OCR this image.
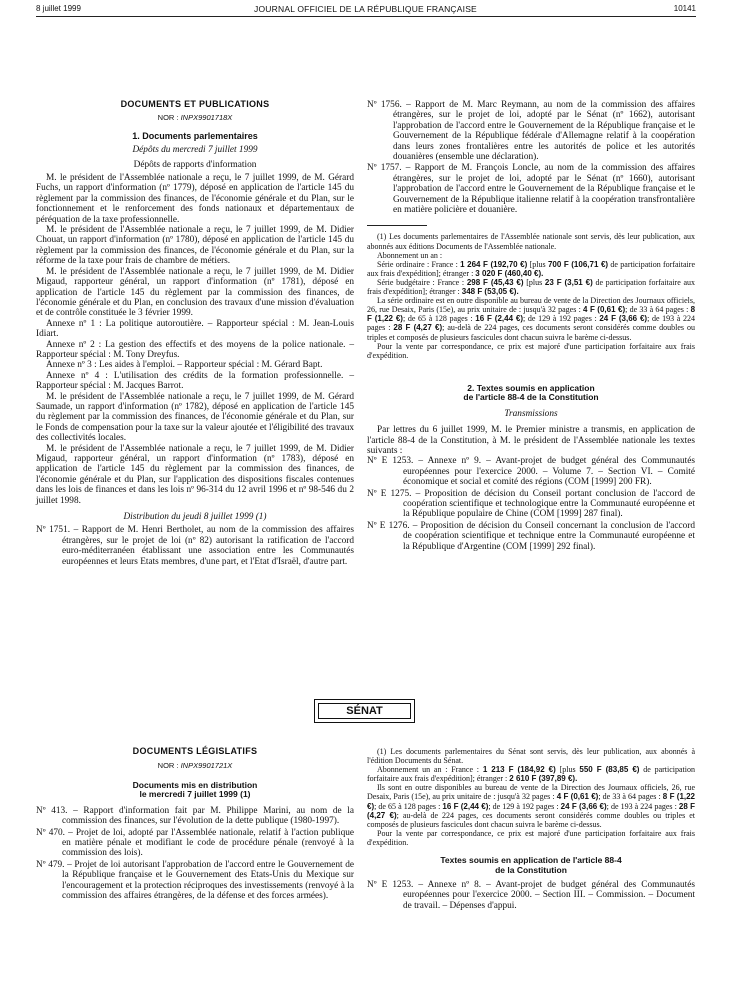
8 juillet 1999	JOURNAL OFFICIEL DE LA RÉPUBLIQUE FRANÇAISE	10141
DOCUMENTS ET PUBLICATIONS
NOR : INPX9901718X
1. Documents parlementaires
Dépôts du mercredi 7 juillet 1999
Dépôts de rapports d'information

M. le président de l'Assemblée nationale a reçu, le 7 juillet 1999, de M. Gérard Fuchs, un rapport d'information (nº 1779), déposé en application de l'article 145 du règlement par la commission des finances, de l'économie générale et du Plan, sur le fonctionnement et le renforcement des fonds nationaux et départementaux de péréquation de la taxe professionnelle.

M. le président de l'Assemblée nationale a reçu, le 7 juillet 1999, de M. Didier Chouat, un rapport d'information (nº 1780), déposé en application de l'article 145 du règlement par la commission des finances, de l'économie générale et du Plan, sur la réforme de la taxe pour frais de chambre de métiers.

M. le président de l'Assemblée nationale a reçu, le 7 juillet 1999, de M. Didier Migaud, rapporteur général, un rapport d'information (nº 1781), déposé en application de l'article 145 du règlement par la commission des finances, de l'économie générale et du Plan, en conclusion des travaux d'une mission d'évaluation et de contrôle constituée le 3 février 1999.

Annexe nº 1 : La politique autoroutière. – Rapporteur spécial : M. Jean-Louis Idiart.

Annexe nº 2 : La gestion des effectifs et des moyens de la police nationale. – Rapporteur spécial : M. Tony Dreyfus.

Annexe nº 3 : Les aides à l'emploi. – Rapporteur spécial : M. Gérard Bapt.

Annexe nº 4 : L'utilisation des crédits de la formation professionnelle. – Rapporteur spécial : M. Jacques Barrot.

M. le président de l'Assemblée nationale a reçu, le 7 juillet 1999, de M. Gérard Saumade, un rapport d'information (nº 1782), déposé en application de l'article 145 du règlement par la commission des finances, de l'économie générale et du Plan, sur le Fonds de compensation pour la taxe sur la valeur ajoutée et l'éligibilité des travaux des collectivités locales.

M. le président de l'Assemblée nationale a reçu, le 7 juillet 1999, de M. Didier Migaud, rapporteur général, un rapport d'information (nº 1783), déposé en application de l'article 145 du règlement par la commission des finances, de l'économie générale et du Plan, sur l'application des dispositions fiscales contenues dans les lois de finances et dans les lois nº 96-314 du 12 avril 1996 et nº 98-546 du 2 juillet 1998.

Distribution du jeudi 8 juillet 1999 (1)
Nº 1751. – Rapport de M. Henri Bertholet, au nom de la commission des affaires étrangères, sur le projet de loi (nº 82) autorisant la ratification de l'accord euro-méditerranéen établissant une association entre les Communautés européennes et leurs Etats membres, d'une part, et l'Etat d'Israël, d'autre part.
Nº 1756. – Rapport de M. Marc Reymann, au nom de la commission des affaires étrangères, sur le projet de loi, adopté par le Sénat (nº 1662), autorisant l'approbation de l'accord entre le Gouvernement de la République française et le Gouvernement de la République fédérale d'Allemagne relatif à la coopération dans leurs zones frontalières entre les autorités de police et les autorités douanières (ensemble une déclaration).
Nº 1757. – Rapport de M. François Loncle, au nom de la commission des affaires étrangères, sur le projet de loi, adopté par le Sénat (nº 1660), autorisant l'approbation de l'accord entre le Gouvernement de la République française et le Gouvernement de la République italienne relatif à la coopération transfrontalière en matière policière et douanière.

(1) Les documents parlementaires de l'Assemblée nationale sont servis, dès leur publication, aux abonnés aux éditions Documents de l'Assemblée nationale.

Abonnement un an :

Série ordinaire : France : 1 264 F (192,70 €) [plus 700 F (106,71 €) de participation forfaitaire aux frais d'expédition]; étranger : 3 020 F (460,40 €).

Série budgétaire : France : 298 F (45,43 €) [plus 23 F (3,51 €) de participation forfaitaire aux frais d'expédition]; étranger : 348 F (53,05 €).

La série ordinaire est en outre disponible au bureau de vente de la Direction des Journaux officiels, 26, rue Desaix, Paris (15e), au prix unitaire de : jusqu'à 32 pages : 4 F (0,61 €); de 33 à 64 pages : 8 F (1,22 €); de 65 à 128 pages : 16 F (2,44 €); de 129 à 192 pages : 24 F (3,66 €); de 193 à 224 pages : 28 F (4,27 €); au-delà de 224 pages, ces documents seront considérés comme doubles ou triples et composés de plusieurs fascicules dont chacun suivra le barème ci-dessus.

Pour la vente par correspondance, ce prix est majoré d'une participation forfaitaire aux frais d'expédition.

2. Textes soumis en application
de l'article 88-4 de la Constitution
Transmissions

Par lettres du 6 juillet 1999, M. le Premier ministre a transmis, en application de l'article 88-4 de la Constitution, à M. le président de l'Assemblée nationale les textes suivants :

Nº E 1253. – Annexe nº 9. – Avant-projet de budget général des Communautés européennes pour l'exercice 2000. – Volume 7. – Section VI. – Comité économique et social et comité des régions (COM [1999] 200 FR).
Nº E 1275. – Proposition de décision du Conseil portant conclusion de l'accord de coopération scientifique et technologique entre la Communauté européenne et la République populaire de Chine (COM [1999] 287 final).
Nº E 1276. – Proposition de décision du Conseil concernant la conclusion de l'accord de coopération scientifique et technique entre la Communauté européenne et la République d'Argentine (COM [1999] 292 final).
SÉNAT
DOCUMENTS LÉGISLATIFS
NOR : INPX9901721X
Documents mis en distribution
le mercredi 7 juillet 1999 (1)
Nº 413. – Rapport d'information fait par M. Philippe Marini, au nom de la commission des finances, sur l'évolution de la dette publique (1980-1997).
Nº 470. – Projet de loi, adopté par l'Assemblée nationale, relatif à l'action publique en matière pénale et modifiant le code de procédure pénale (renvoyé à la commission des lois).
Nº 479. – Projet de loi autorisant l'approbation de l'accord entre le Gouvernement de la République française et le Gouvernement des Etats-Unis du Mexique sur l'encouragement et la protection réciproques des investissements (renvoyé à la commission des affaires étrangères, de la défense et des forces armées).

(1) Les documents parlementaires du Sénat sont servis, dès leur publication, aux abonnés à l'édition Documents du Sénat.

Abonnement un an : France : 1 213 F (184,92 €) [plus 550 F (83,85 €) de participation forfaitaire aux frais d'expédition]; étranger : 2 610 F (397,89 €).

Ils sont en outre disponibles au bureau de vente de la Direction des Journaux officiels, 26, rue Desaix, Paris (15e), au prix unitaire de : jusqu'à 32 pages : 4 F (0,61 €); de 33 à 64 pages : 8 F (1,22 €); de 65 à 128 pages : 16 F (2,44 €); de 129 à 192 pages : 24 F (3,66 €); de 193 à 224 pages : 28 F (4,27 €); au-delà de 224 pages, ces documents seront considérés comme doubles ou triples et composés de plusieurs fascicules dont chacun suivra le barème ci-dessus.

Pour la vente par correspondance, ce prix est majoré d'une participation forfaitaire aux frais d'expédition.

Textes soumis en application de l'article 88-4
de la Constitution
Nº E 1253. – Annexe nº 8. – Avant-projet de budget général des Communautés européennes pour l'exercice 2000. – Section III. – Commission. – Document de travail. – Dépenses d'appui.
